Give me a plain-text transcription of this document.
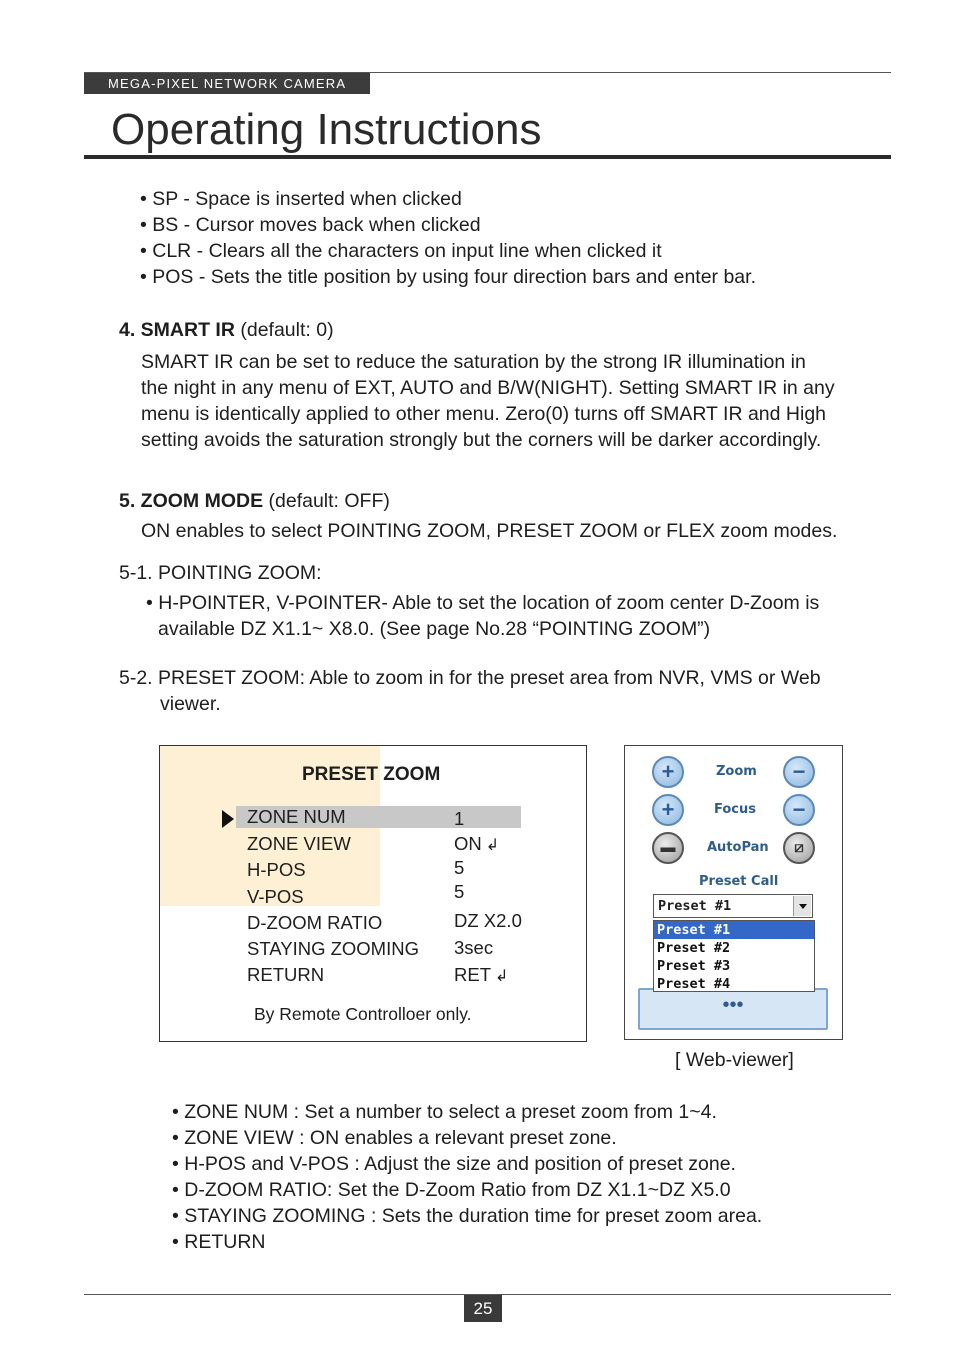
MEGA-PIXEL NETWORK CAMERA
Operating Instructions
• SP - Space is inserted when clicked
• BS - Cursor moves back when clicked
• CLR - Clears all the characters on input line when clicked it
• POS - Sets the title position by using four direction bars and enter bar.
4. SMART IR (default: 0)
SMART IR can be set to reduce the saturation by the strong IR illumination in
the night in any menu of EXT, AUTO and B/W(NIGHT). Setting SMART IR in any
menu is identically applied to other menu. Zero(0) turns off SMART IR and High
setting avoids the saturation strongly but the corners will be darker accordingly.
5. ZOOM MODE (default: OFF)
ON enables to select POINTING ZOOM, PRESET ZOOM or FLEX zoom modes.
5-1. POINTING ZOOM:
• H-POINTER, V-POINTER- Able to set the location of zoom center D-Zoom is
available DZ X1.1~ X8.0. (See page No.28 “POINTING ZOOM”)
5-2. PRESET ZOOM: Able to zoom in for the preset area from NVR, VMS or Web
viewer.
PRESET ZOOM
ZONE NUM	1
ZONE VIEW	ON ↲
H-POS	5
V-POS	5
D-ZOOM RATIO	DZ X2.0
STAYING ZOOMING 3sec
RETURN	RET ↲
By Remote Controlloer only.
+	Zoom	−
+	Focus	−
▬	AutoPan	⧄
Preset Call
•••
Preset #1
Preset #1
Preset #2
Preset #3
Preset #4
[ Web-viewer]
• ZONE NUM : Set a number to select a preset zoom from 1~4.
• ZONE VIEW : ON enables a relevant preset zone.
• H-POS and V-POS : Adjust the size and position of preset zone.
• D-ZOOM RATIO: Set the D-Zoom Ratio from DZ X1.1~DZ X5.0
• STAYING ZOOMING : Sets the duration time for preset zoom area.
• RETURN
25
